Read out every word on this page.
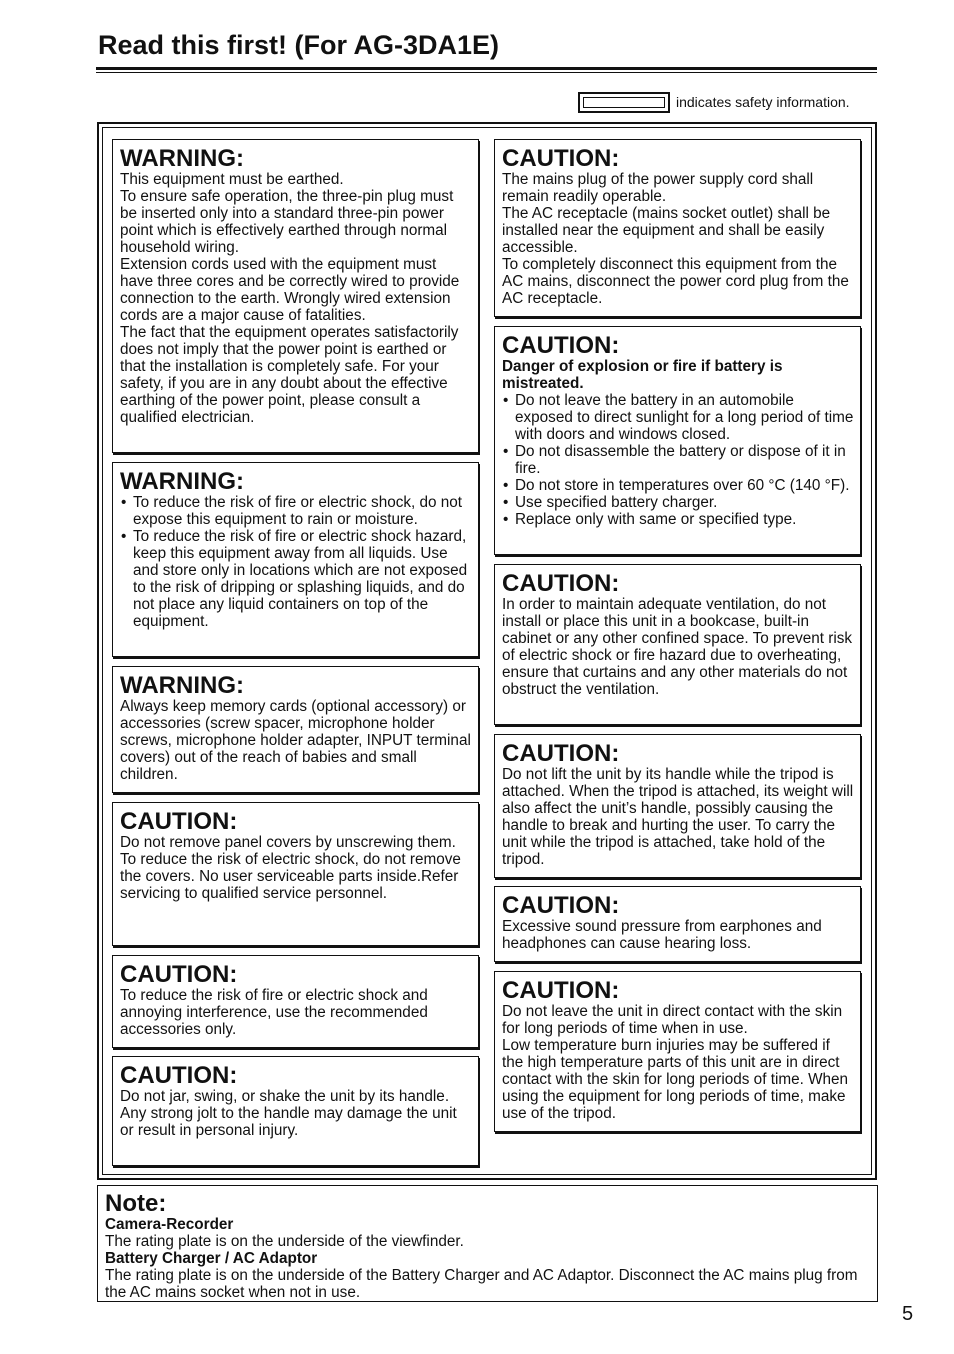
Read this first! (For AG-3DA1E)
indicates safety information.
WARNING:

This equipment must be earthed.

To ensure safe operation, the three-pin plug must be inserted only into a standard three-pin power point which is effectively earthed through normal household wiring.

Extension cords used with the equipment must have three cores and be correctly wired to provide connection to the earth. Wrongly wired extension cords are a major cause of fatalities.

The fact that the equipment operates satisfactorily does not imply that the power point is earthed or that the installation is completely safe. For your safety, if you are in any doubt about the effective earthing of the power point, please consult a qualified electrician.

WARNING:
• To reduce the risk of fire or electric shock, do not expose this equipment to rain or moisture.
• To reduce the risk of fire or electric shock hazard, keep this equipment away from all liquids. Use and store only in locations which are not exposed to the risk of dripping or splashing liquids, and do not place any liquid containers on top of the equipment.
WARNING:

Always keep memory cards (optional accessory) or accessories (screw spacer, microphone holder screws, microphone holder adapter, INPUT terminal covers) out of the reach of babies and small children.

CAUTION:

Do not remove panel covers by unscrewing them.

To reduce the risk of electric shock, do not remove the covers. No user serviceable parts inside.Refer servicing to qualified service personnel.

CAUTION:

To reduce the risk of fire or electric shock and annoying interference, use the recommended accessories only.

CAUTION:

Do not jar, swing, or shake the unit by its handle.

Any strong jolt to the handle may damage the unit or result in personal injury.

CAUTION:

The mains plug of the power supply cord shall remain readily operable.

The AC receptacle (mains socket outlet) shall be installed near the equipment and shall be easily accessible.

To completely disconnect this equipment from the AC mains, disconnect the power cord plug from the AC receptacle.

CAUTION:

Danger of explosion or fire if battery is mistreated.

• Do not leave the battery in an automobile exposed to direct sunlight for a long period of time with doors and windows closed.
• Do not disassemble the battery or dispose of it in fire.
• Do not store in temperatures over 60 °C (140 °F).
• Use specified battery charger.
• Replace only with same or specified type.
CAUTION:

In order to maintain adequate ventilation, do not install or place this unit in a bookcase, built-in cabinet or any other confined space. To prevent risk of electric shock or fire hazard due to overheating, ensure that curtains and any other materials do not obstruct the ventilation.

CAUTION:

Do not lift the unit by its handle while the tripod is attached. When the tripod is attached, its weight will also affect the unit’s handle, possibly causing the handle to break and hurting the user. To carry the unit while the tripod is attached, take hold of the tripod.

CAUTION:

Excessive sound pressure from earphones and headphones can cause hearing loss.

CAUTION:

Do not leave the unit in direct contact with the skin for long periods of time when in use.

Low temperature burn injuries may be suffered if the high temperature parts of this unit are in direct contact with the skin for long periods of time. When using the equipment for long periods of time, make use of the tripod.

Note:

Camera-Recorder

The rating plate is on the underside of the viewfinder.

Battery Charger / AC Adaptor

The rating plate is on the underside of the Battery Charger and AC Adaptor. Disconnect the AC mains plug from the AC mains socket when not in use.

5
